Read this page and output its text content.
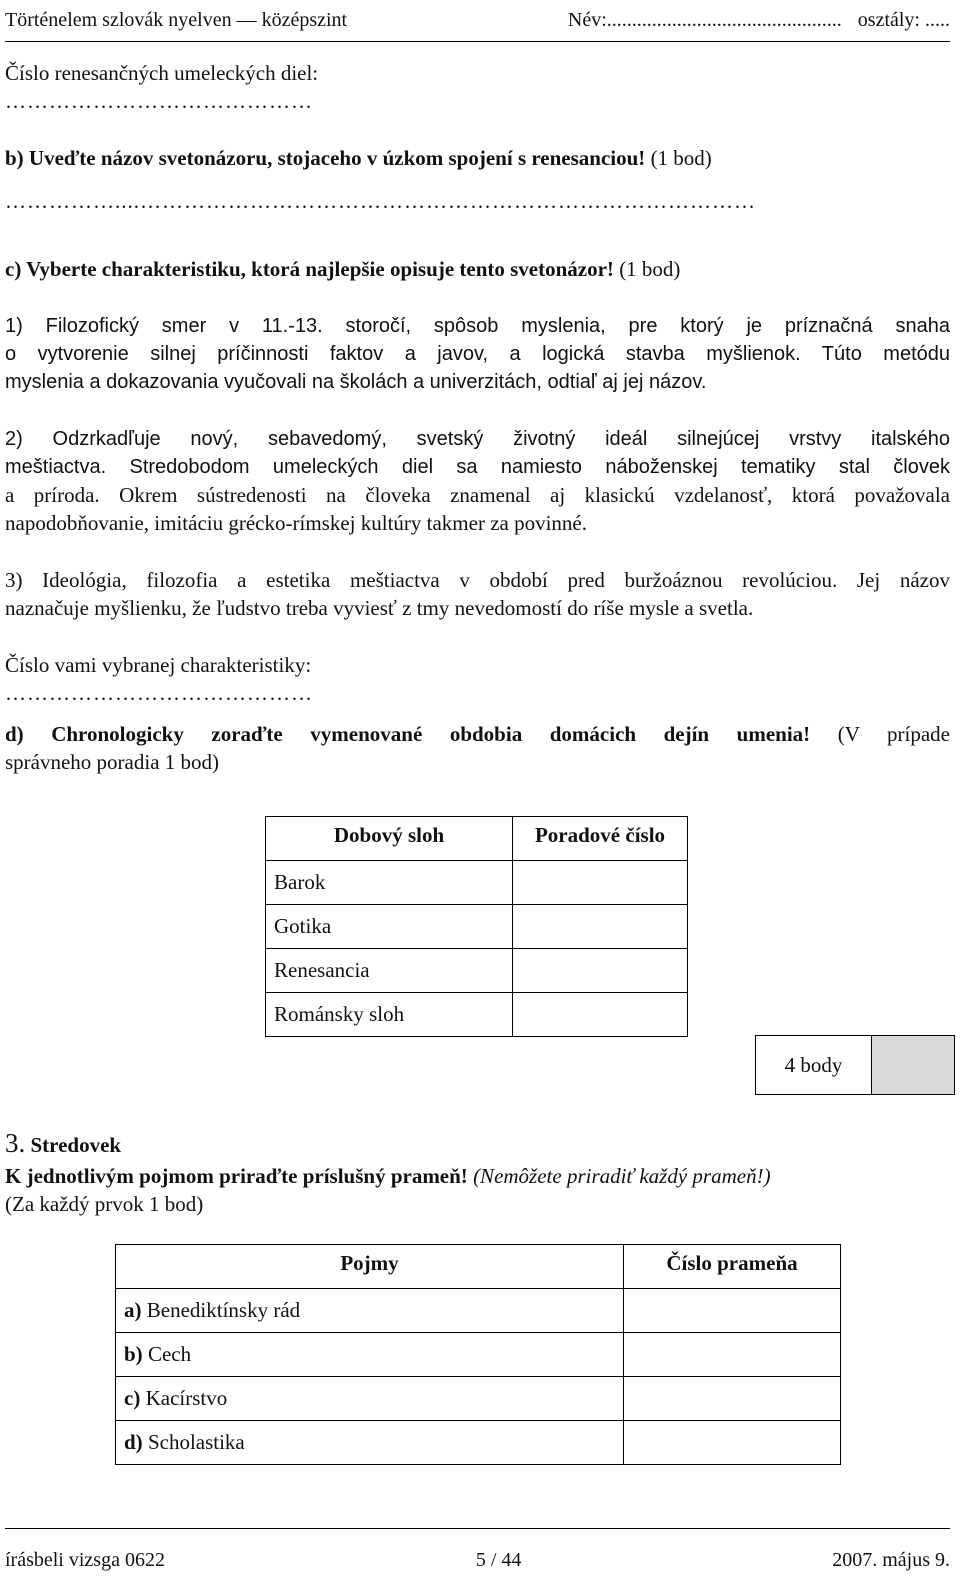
Történelem szlovák nyelven — középszint	Név:............................................... osztály: .....
Číslo renesančných umeleckých diel:
……………………………………
b) Uveďte názov svetonázoru, stojaceho v úzkom spojení s renesanciou! (1 bod)
……………....…………………………………………………………………………
c) Vyberte charakteristiku, ktorá najlepšie opisuje tento svetonázor! (1 bod)
1) Filozofický smer v 11.-13. storočí, spôsob myslenia, pre ktorý je príznačná snaha
o vytvorenie silnej príčinnosti faktov a javov, a logická stavba myšlienok. Túto metódu
myslenia a dokazovania vyučovali na školách a univerzitách, odtiaľ aj jej názov.
2) Odzrkadľuje nový, sebavedomý, svetský životný ideál silnejúcej vrstvy italského
meštiactva. Stredobodom umeleckých diel sa namiesto náboženskej tematiky stal človek
a príroda. Okrem sústredenosti na človeka znamenal aj klasickú vzdelanosť, ktorá považovala
napodobňovanie, imitáciu grécko-rímskej kultúry takmer za povinné.
3) Ideológia, filozofia a estetika meštiactva v období pred buržoáznou revolúciou. Jej názov
naznačuje myšlienku, že ľudstvo treba vyviesť z tmy nevedomostí do ríše mysle a svetla.
Číslo vami vybranej charakteristiky:
……………………………………
d) Chronologicky zoraďte vymenované obdobia domácich dejín umenia! (V prípade
správneho poradia 1 bod)
Dobový sloh	Poradové číslo
Barok	
Gotika	
Renesancia	
Románsky sloh	
4 body
3. Stredovek
K jednotlivým pojmom priraďte príslušný prameň! (Nemôžete priradiť každý prameň!)
(Za každý prvok 1 bod)
Pojmy	Číslo prameňa
a) Benediktínsky rád	
b) Cech	
c) Kacírstvo	
d) Scholastika	
írásbeli vizsga 0622	5 / 44	2007. május 9.
